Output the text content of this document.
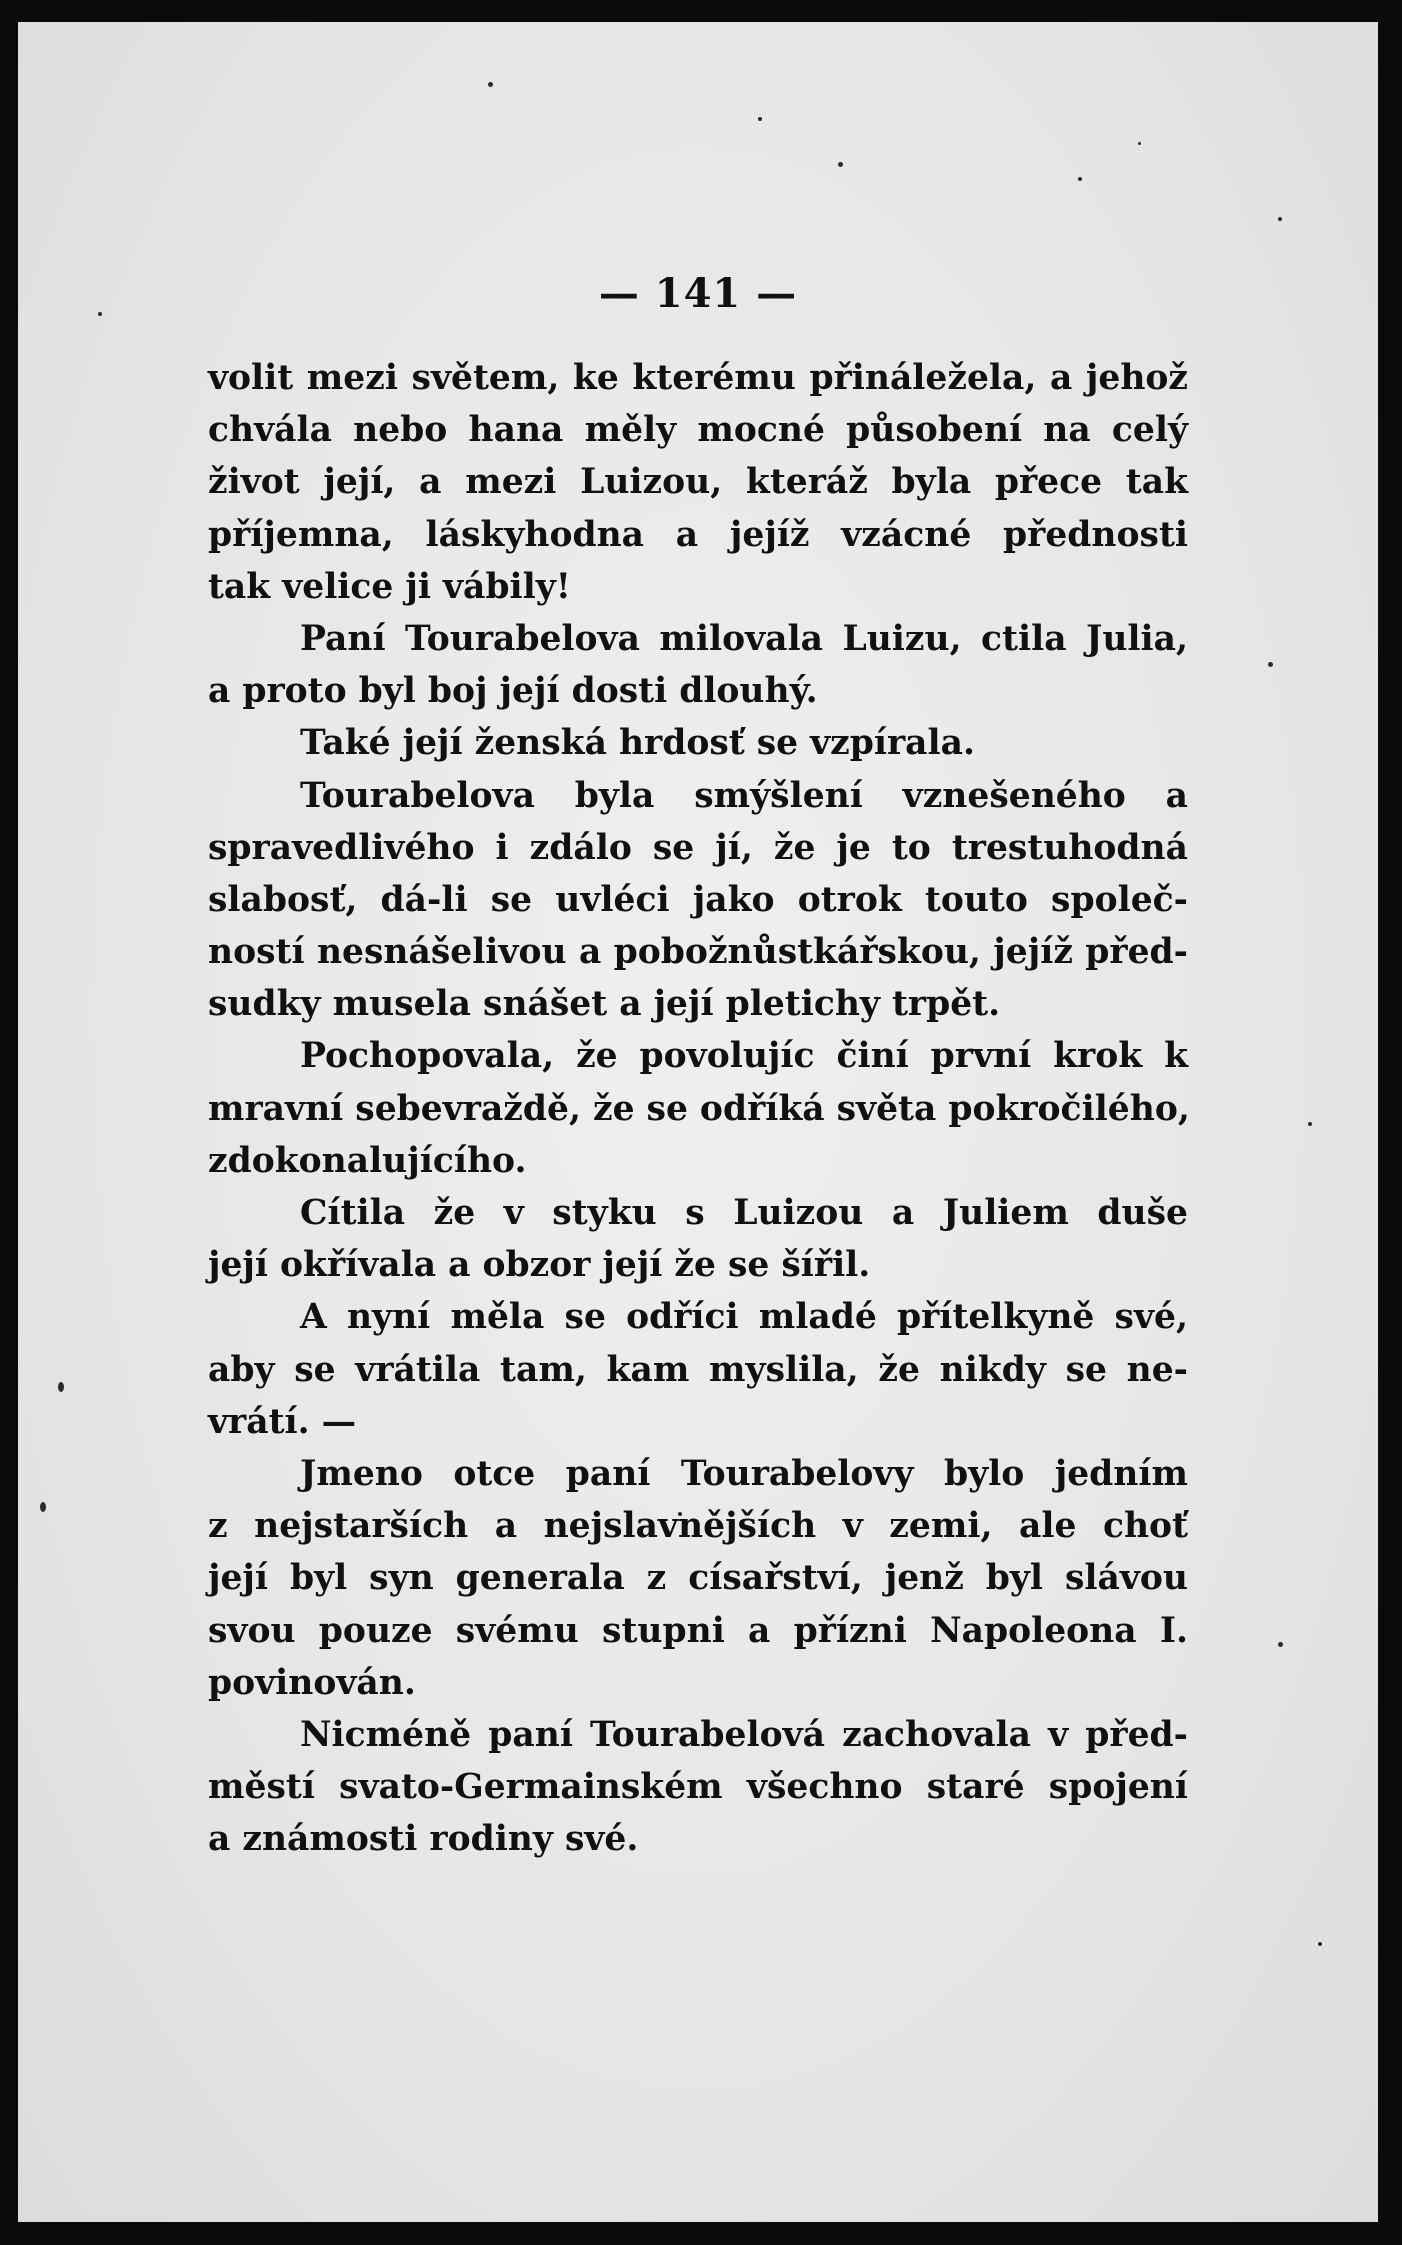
— 141 —
volit mezi světem, ke kterému přináležela, a jehož
chvála nebo hana měly mocné působení na celý
život její, a mezi Luizou, kteráž byla přece tak
příjemna, láskyhodna a jejíž vzácné přednosti
tak velice ji vábily!
Paní Tourabelova milovala Luizu, ctila Julia,
a proto byl boj její dosti dlouhý.
Také její ženská hrdosť se vzpírala.
Tourabelova byla smýšlení vznešeného a
spravedlivého i zdálo se jí, že je to trestuhodná
slabosť, dá-li se uvléci jako otrok touto společ-
ností nesnášelivou a pobožnůstkářskou, jejíž před-
sudky musela snášet a její pletichy trpět.
Pochopovala, že povolujíc činí první krok k
mravní sebevraždě, že se odříká světa pokročilého,
zdokonalujícího.
Cítila že v styku s Luizou a Juliem duše
její okřívala a obzor její že se šířil.
A nyní měla se odříci mladé přítelkyně své,
aby se vrátila tam, kam myslila, že nikdy se ne-
vrátí. —
Jmeno otce paní Tourabelovy bylo jedním
z nejstarších a nejslavnějších v zemi, ale choť
její byl syn generala z císařství, jenž byl slávou
svou pouze svému stupni a přízni Napoleona I.
povinován.
Nicméně paní Tourabelová zachovala v před-
městí svato-Germainském všechno staré spojení
a známosti rodiny své.
